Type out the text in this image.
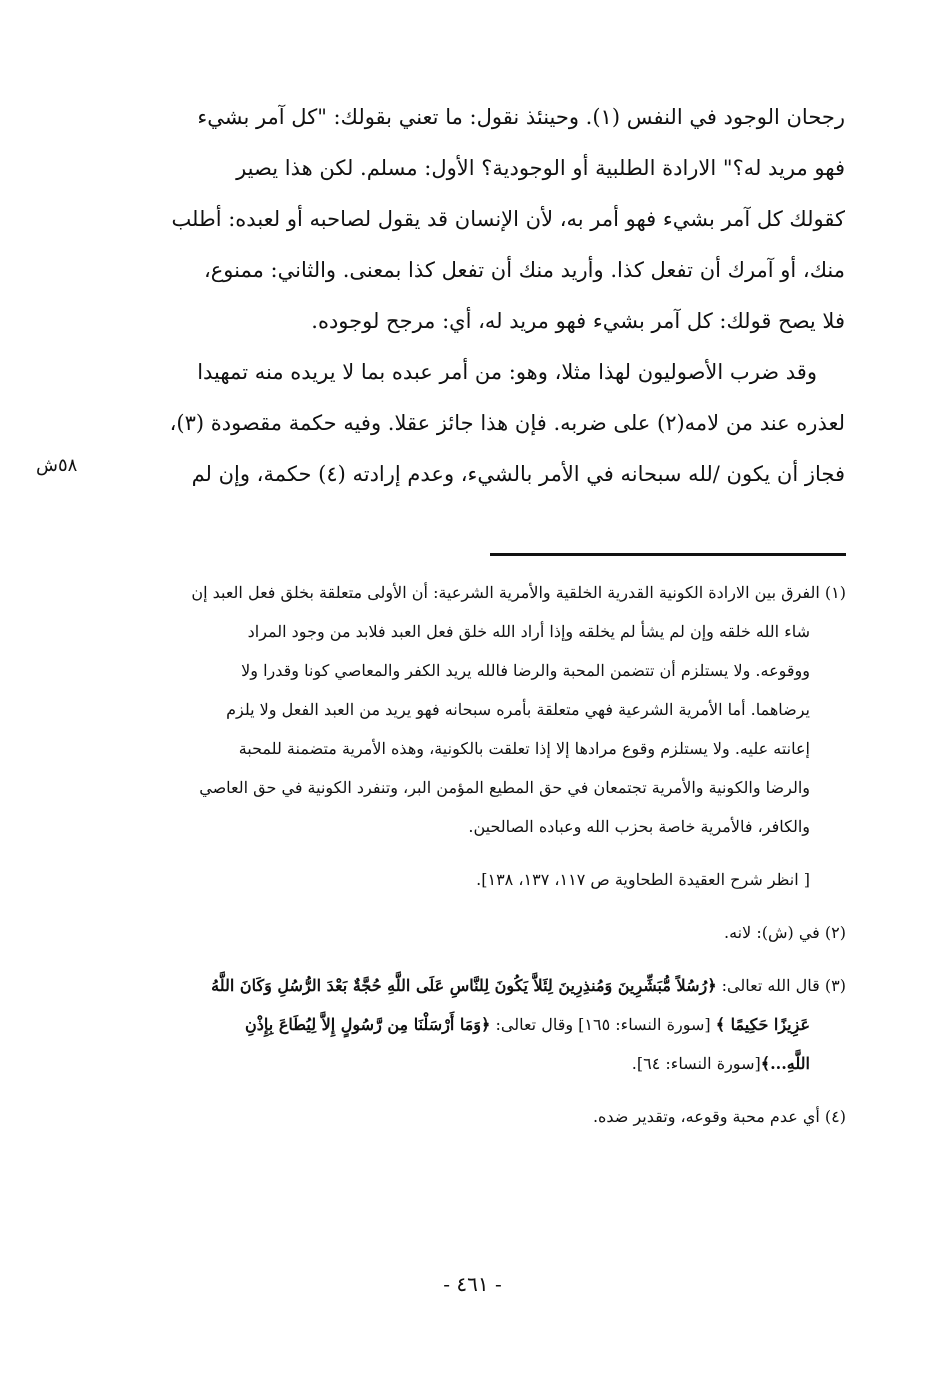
رجحان الوجود في النفس (١). وحينئذ نقول: ما تعني بقولك: "كل آمر بشيء
فهو مريد له؟" الارادة الطلبية أو الوجودية؟ الأول: مسلم. لكن هذا يصير
كقولك كل آمر بشيء فهو أمر به، لأن الإنسان قد يقول لصاحبه أو لعبده: أطلب
منك، أو آمرك أن تفعل كذا. وأريد منك أن تفعل كذا بمعنى. والثاني: ممنوع،
فلا يصح قولك: كل آمر بشيء فهو مريد له، أي: مرجح لوجوده.
وقد ضرب الأصوليون لهذا مثلا، وهو: من أمر عبده بما لا يريده منه تمهيدا
لعذره عند من لامه(٢) على ضربه. فإن هذا جائز عقلا. وفيه حكمة مقصودة (٣)،
فجاز أن يكون /لله سبحانه في الأمر بالشيء، وعدم إرادته (٤) حكمة، وإن لم
٥٨ش
(١) الفرق بين الارادة الكونية القدرية الخلقية والأمرية الشرعية: أن الأولى متعلقة بخلق فعل العبد إن
شاء الله خلقه وإن لم يشأ لم يخلقه وإذا أراد الله خلق فعل العبد فلابد من وجود المراد
ووقوعه. ولا يستلزم أن تتضمن المحبة والرضا فالله يريد الكفر والمعاصي كونا وقدرا ولا
يرضاهما. أما الأمرية الشرعية فهي متعلقة بأمره سبحانه فهو يريد من العبد الفعل ولا يلزم
إعانته عليه. ولا يستلزم وقوع مرادها إلا إذا تعلقت بالكونية، وهذه الأمرية متضمنة للمحبة
والرضا والكونية والأمرية تجتمعان في حق المطيع المؤمن البر، وتنفرد الكونية في حق العاصي
والكافر، فالأمرية خاصة بحزب الله وعباده الصالحين.
[ انظر شرح العقيدة الطحاوية ص ١١٧، ١٣٧، ١٣٨].
(٢) في (ش): لانه.
(٣) قال الله تعالى: ﴿رُسُلاً مُّبَشِّرِينَ وَمُنذِرِينَ لِئَلاَّ يَكُونَ لِلنَّاسِ عَلَى اللَّهِ حُجَّةٌ بَعْدَ الرُّسُلِ وَكَانَ اللَّهُ
عَزِيزًا حَكِيمًا ﴾ [سورة النساء: ١٦٥] وقال تعالى: ﴿وَمَا أَرْسَلْنَا مِن رَّسُولٍ إِلاَّ لِيُطَاعَ بِإِذْنِ
اللَّهِ...﴾[سورة النساء: ٦٤].
(٤) أي عدم محبة وقوعه، وتقدير ضده.
- ٤٦١ -
